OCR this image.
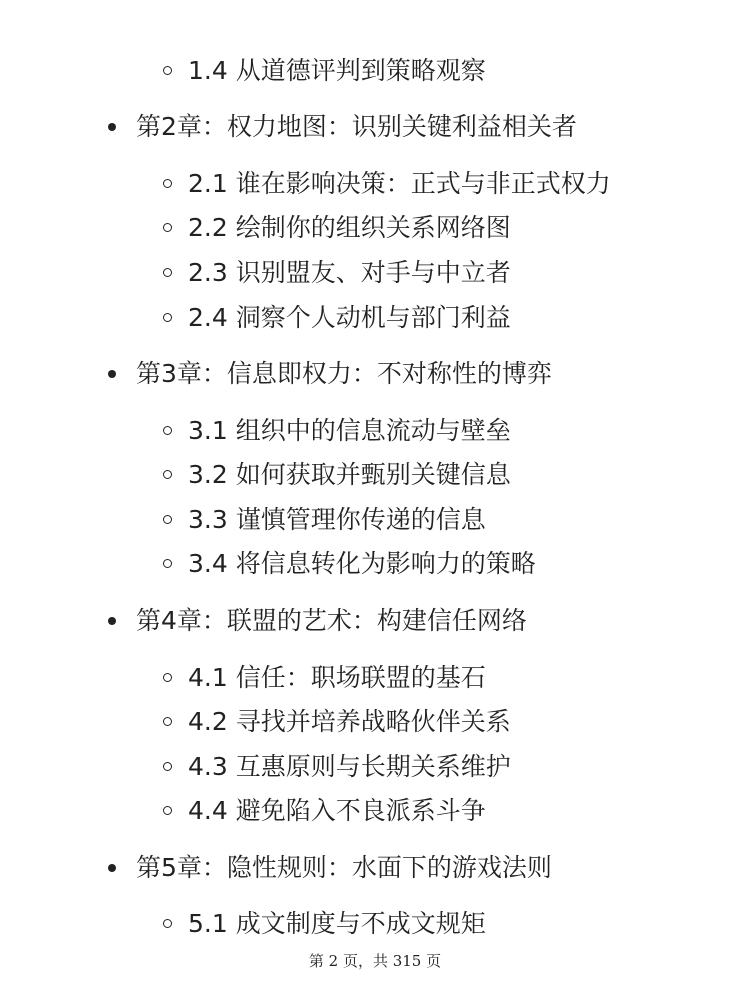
1.4 从道德评判到策略观察
第2章：权力地图：识别关键利益相关者
2.1 谁在影响决策：正式与非正式权力
2.2 绘制你的组织关系网络图
2.3 识别盟友、对手与中立者
2.4 洞察个人动机与部门利益
第3章：信息即权力：不对称性的博弈
3.1 组织中的信息流动与壁垒
3.2 如何获取并甄别关键信息
3.3 谨慎管理你传递的信息
3.4 将信息转化为影响力的策略
第4章：联盟的艺术：构建信任网络
4.1 信任：职场联盟的基石
4.2 寻找并培养战略伙伴关系
4.3 互惠原则与长期关系维护
4.4 避免陷入不良派系斗争
第5章：隐性规则：水面下的游戏法则
5.1 成文制度与不成文规矩
第 2 页，共 315 页
